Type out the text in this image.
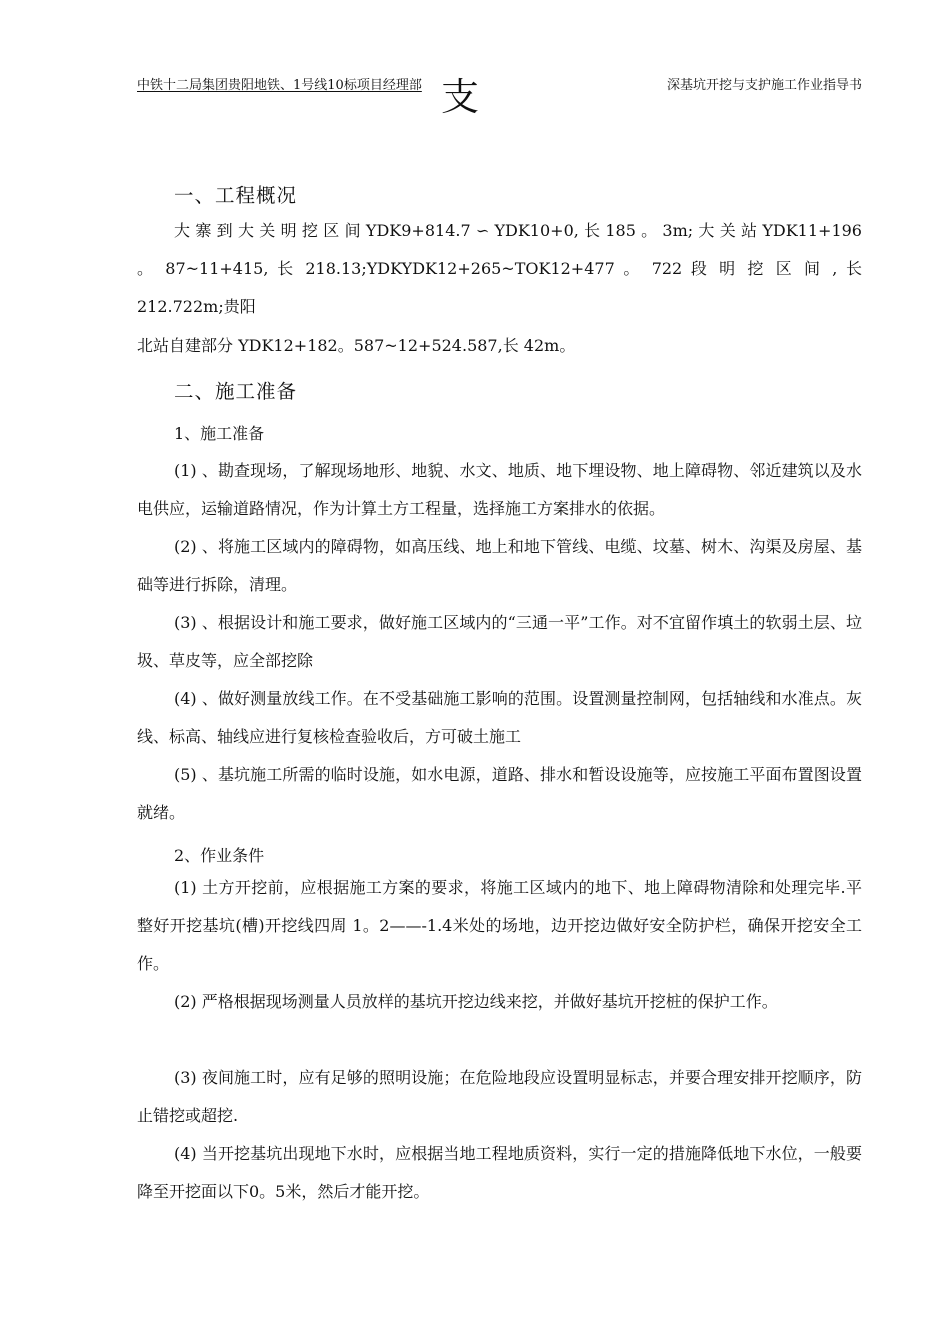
中铁十二局集团贵阳地铁、1号线10标项目经理部	深基坑开挖与支护施工作业指导书
支
一、工程概况

大 寨 到 大 关 明 挖 区 间 YDK9+814.7 ∽ YDK10+0, 长 185 。 3m; 大 关 站 YDK11+196 。 87~11+415, 长 218.13;YDKYDK12+265~TOK12+477 。 722 段 明 挖 区 间 , 长 212.722m;贵阳

北站自建部分 YDK12+182。587~12+524.587,长 42m。

二、施工准备
1、施工准备

(1) 、勘查现场，了解现场地形、地貌、水文、地质、地下埋设物、地上障碍物、邻近建筑以及水电供应，运输道路情况，作为计算土方工程量，选择施工方案排水的依据。

(2) 、将施工区域内的障碍物，如高压线、地上和地下管线、电缆、坟墓、树木、沟渠及房屋、基础等进行拆除，清理。

(3) 、根据设计和施工要求，做好施工区域内的“三通一平”工作。对不宜留作填土的软弱土层、垃圾、草皮等，应全部挖除

(4) 、做好测量放线工作。在不受基础施工影响的范围。设置测量控制网，包括轴线和水准点。灰线、标高、轴线应进行复核检查验收后，方可破土施工

(5) 、基坑施工所需的临时设施，如水电源，道路、排水和暂设设施等，应按施工平面布置图设置就绪。

2、作业条件

(1) 土方开挖前，应根据施工方案的要求，将施工区域内的地下、地上障碍物清除和处理完毕.平整好开挖基坑(槽)开挖线四周 1。2——-1.4米处的场地，边开挖边做好安全防护栏，确保开挖安全工作。

(2) 严格根据现场测量人员放样的基坑开挖边线来挖，并做好基坑开挖桩的保护工作。

(3) 夜间施工时，应有足够的照明设施；在危险地段应设置明显标志，并要合理安排开挖顺序，防止错挖或超挖.

(4) 当开挖基坑出现地下水时，应根据当地工程地质资料，实行一定的措施降低地下水位，一般要降至开挖面以下0。5米，然后才能开挖。
